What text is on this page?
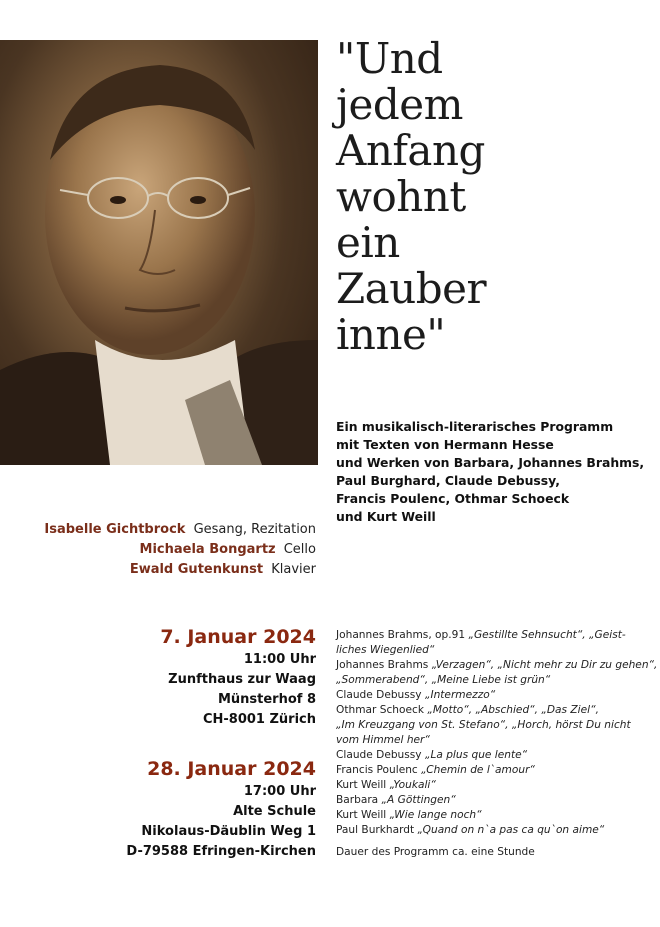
"Und
jedem
Anfang
wohnt
ein
Zauber
inne"
Ein musikalisch-literarisches Programm
mit Texten von Hermann Hesse
und Werken von Barbara, Johannes Brahms,
Paul Burghard, Claude Debussy,
Francis Poulenc, Othmar Schoeck
und Kurt Weill
Isabelle Gichtbrock Gesang, Rezitation
Michaela Bongartz Cello
Ewald Gutenkunst Klavier
7. Januar 2024
11:00 Uhr
Zunfthaus zur Waag
Münsterhof 8
CH-8001 Zürich
28. Januar 2024
17:00 Uhr
Alte Schule
Nikolaus-Däublin Weg 1
D-79588 Efringen-Kirchen
Johannes Brahms, op.91 „Gestillte Sehnsucht“, „Geist-
liches Wiegenlied“
Johannes Brahms „Verzagen“, „Nicht mehr zu Dir zu gehen“,
„Sommerabend“, „Meine Liebe ist grün“
Claude Debussy „Intermezzo“
Othmar Schoeck „Motto“, „Abschied“, „Das Ziel“,
„Im Kreuzgang von St. Stefano“, „Horch, hörst Du nicht
vom Himmel her“
Claude Debussy „La plus que lente“
Francis Poulenc „Chemin de l`amour“
Kurt Weill „Youkali“
Barbara „A Göttingen“
Kurt Weill „Wie lange noch“
Paul Burkhardt „Quand on n`a pas ca qu`on aime“
Dauer des Programm ca. eine Stunde
